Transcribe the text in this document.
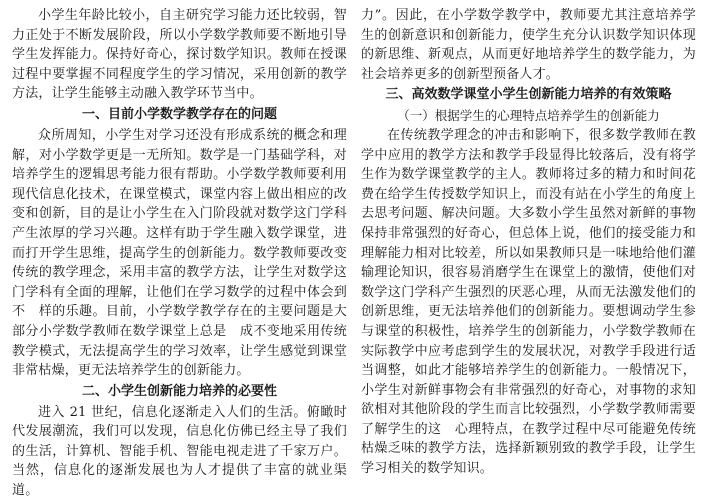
小学生年龄比较小，自主研究学习能力还比较弱，智力正处于不断发展阶段，所以小学数学教师要不断地引导学生发挥能力。保持好奇心，探讨数学知识。教师在授课过程中要掌握不同程度学生的学习情况，采用创新的教学方法，让学生能够主动融入教学环节当中。

一、目前小学数学教学存在的问题

众所周知，小学生对学习还没有形成系统的概念和理解，对小学数学更是一无所知。数学是一门基础学科，对培养学生的逻辑思考能力很有帮助。小学数学教师要利用现代信息化技术，在课堂模式，课堂内容上做出相应的改变和创新，目的是让小学生在入门阶段就对数学这门学科产生浓厚的学习兴趣。这样有助于学生融入数学课堂，进而打开学生思维，提高学生的创新能力。数学教师要改变传统的教学理念，采用丰富的教学方法，让学生对数学这门学科有全面的理解，让他们在学习数学的过程中体会到不　样的乐趣。目前，小学数学教学存在的主要问题是大部分小学数学教师在数学课堂上总是　成不变地采用传统教学模式，无法提高学生的学习效率，让学生感觉到课堂非常枯燥，更无法培养学生的创新能力。

二、小学生创新能力培养的必要性

进入 21 世纪，信息化逐渐走入人们的生活。俯瞰时代发展潮流，我们可以发现，信息化仿佛已经主导了我们的生活，计算机、智能手机、智能电视走进了千家万户。当然，信息化的逐渐发展也为人才提供了丰富的就业渠道。

力”。因此，在小学数学教学中，教师要尤其注意培养学生的创新意识和创新能力，使学生充分认识数学知识体现的新思维、新观点，从而更好地培养学生的数学能力，为社会培养更多的创新型预备人才。

三、高效数学课堂小学生创新能力培养的有效策略
（一）根据学生的心理特点培养学生的创新能力

在传统教学理念的冲击和影响下，很多数学教师在教学中应用的教学方法和教学手段显得比较落后，没有将学生作为数学课堂教学的主人。教师将过多的精力和时间花费在给学生传授数学知识上，而没有站在小学生的角度上去思考问题、解决问题。大多数小学生虽然对新鲜的事物保持非常强烈的好奇心，但总体上说，他们的接受能力和理解能力相对比较差，所以如果教师只是一味地给他们灌输理论知识，很容易消磨学生在课堂上的激情，使他们对数学这门学科产生强烈的厌恶心理，从而无法激发他们的创新思维，更无法培养他们的创新能力。要想调动学生参与课堂的积极性，培养学生的创新能力，小学数学教师在实际教学中应考虑到学生的发展状况，对教学手段进行适当调整，如此才能够培养学生的创新能力。一般情况下，小学生对新鲜事物会有非常强烈的好奇心，对事物的求知欲相对其他阶段的学生而言比较强烈，小学数学教师需要了解学生的这　心理特点，在教学过程中尽可能避免传统枯燥乏味的教学方法，选择新颖别致的教学手段，让学生学习相关的数学知识。
